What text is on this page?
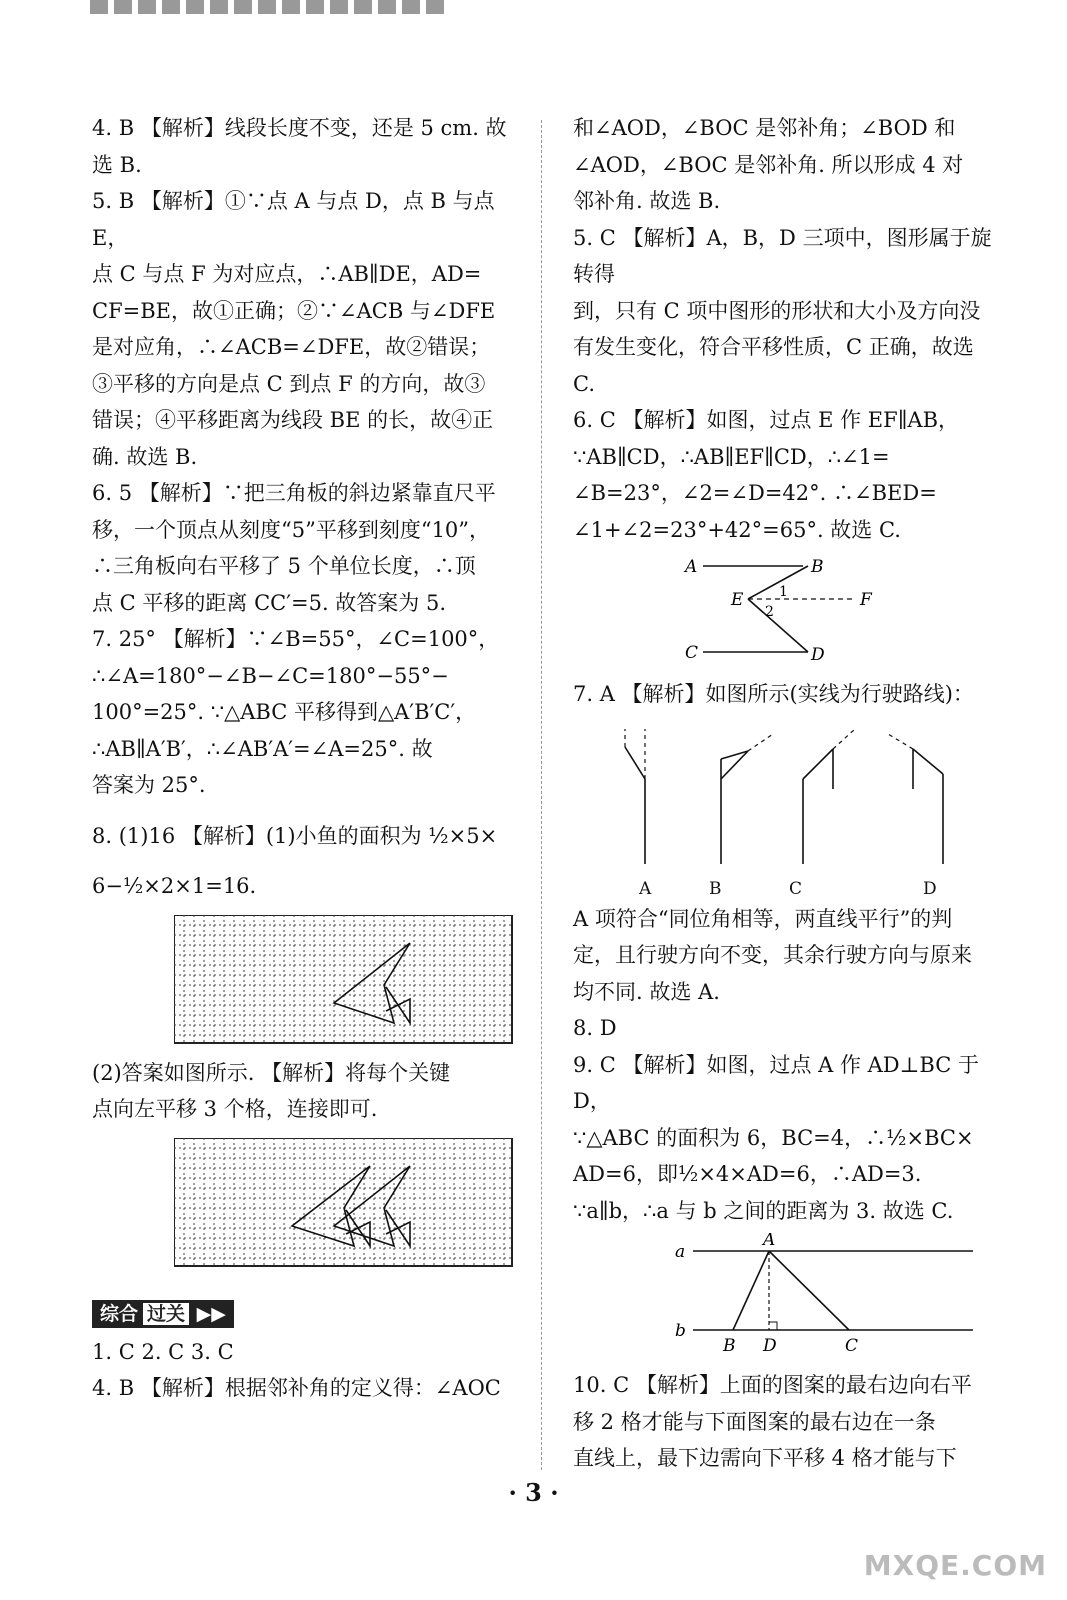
4. B 【解析】线段长度不变，还是 5 cm. 故
选 B.
5. B 【解析】①∵点 A 与点 D，点 B 与点 E，
点 C 与点 F 为对应点，∴AB∥DE，AD=
CF=BE，故①正确；②∵∠ACB 与∠DFE
是对应角，∴∠ACB=∠DFE，故②错误；
③平移的方向是点 C 到点 F 的方向，故③
错误；④平移距离为线段 BE 的长，故④正
确. 故选 B.
6. 5 【解析】∵把三角板的斜边紧靠直尺平
移，一个顶点从刻度“5”平移到刻度“10”，
∴三角板向右平移了 5 个单位长度，∴顶
点 C 平移的距离 CC′=5. 故答案为 5.
7. 25° 【解析】∵∠B=55°，∠C=100°，
∴∠A=180°−∠B−∠C=180°−55°−
100°=25°. ∵△ABC 平移得到△A′B′C′，
∴AB∥A′B′，∴∠AB′A′=∠A=25°. 故
答案为 25°.
8. (1)16 【解析】(1)小鱼的面积为 ½×5×
6−½×2×1=16.
(2)答案如图所示. 【解析】将每个关键
点向左平移 3 个格，连接即可.
综合 过关 ▶▶
1. C 2. C 3. C
4. B 【解析】根据邻补角的定义得：∠AOC
和∠AOD，∠BOC 是邻补角；∠BOD 和
∠AOD，∠BOC 是邻补角. 所以形成 4 对
邻补角. 故选 B.
5. C 【解析】A，B，D 三项中，图形属于旋转得
到，只有 C 项中图形的形状和大小及方向没
有发生变化，符合平移性质，C 正确，故选 C.
6. C 【解析】如图，过点 E 作 EF∥AB，
∵AB∥CD，∴AB∥EF∥CD，∴∠1=
∠B=23°，∠2=∠D=42°. ∴∠BED=
∠1+∠2=23°+42°=65°. 故选 C.
A	B
E	F
C	D
1
2
7. A 【解析】如图所示(实线为行驶路线)：
A	B	C	D
A 项符合“同位角相等，两直线平行”的判
定，且行驶方向不变，其余行驶方向与原来
均不同. 故选 A.
8. D
9. C 【解析】如图，过点 A 作 AD⊥BC 于 D，
∵△ABC 的面积为 6，BC=4，∴½×BC×
AD=6，即½×4×AD=6，∴AD=3.
∵a∥b，∴a 与 b 之间的距离为 3. 故选 C.
a
b
A
B D	C
10. C 【解析】上面的图案的最右边向右平
移 2 格才能与下面图案的最右边在一条
直线上，最下边需向下平移 4 格才能与下
· 3 ·
MXQE.COM
